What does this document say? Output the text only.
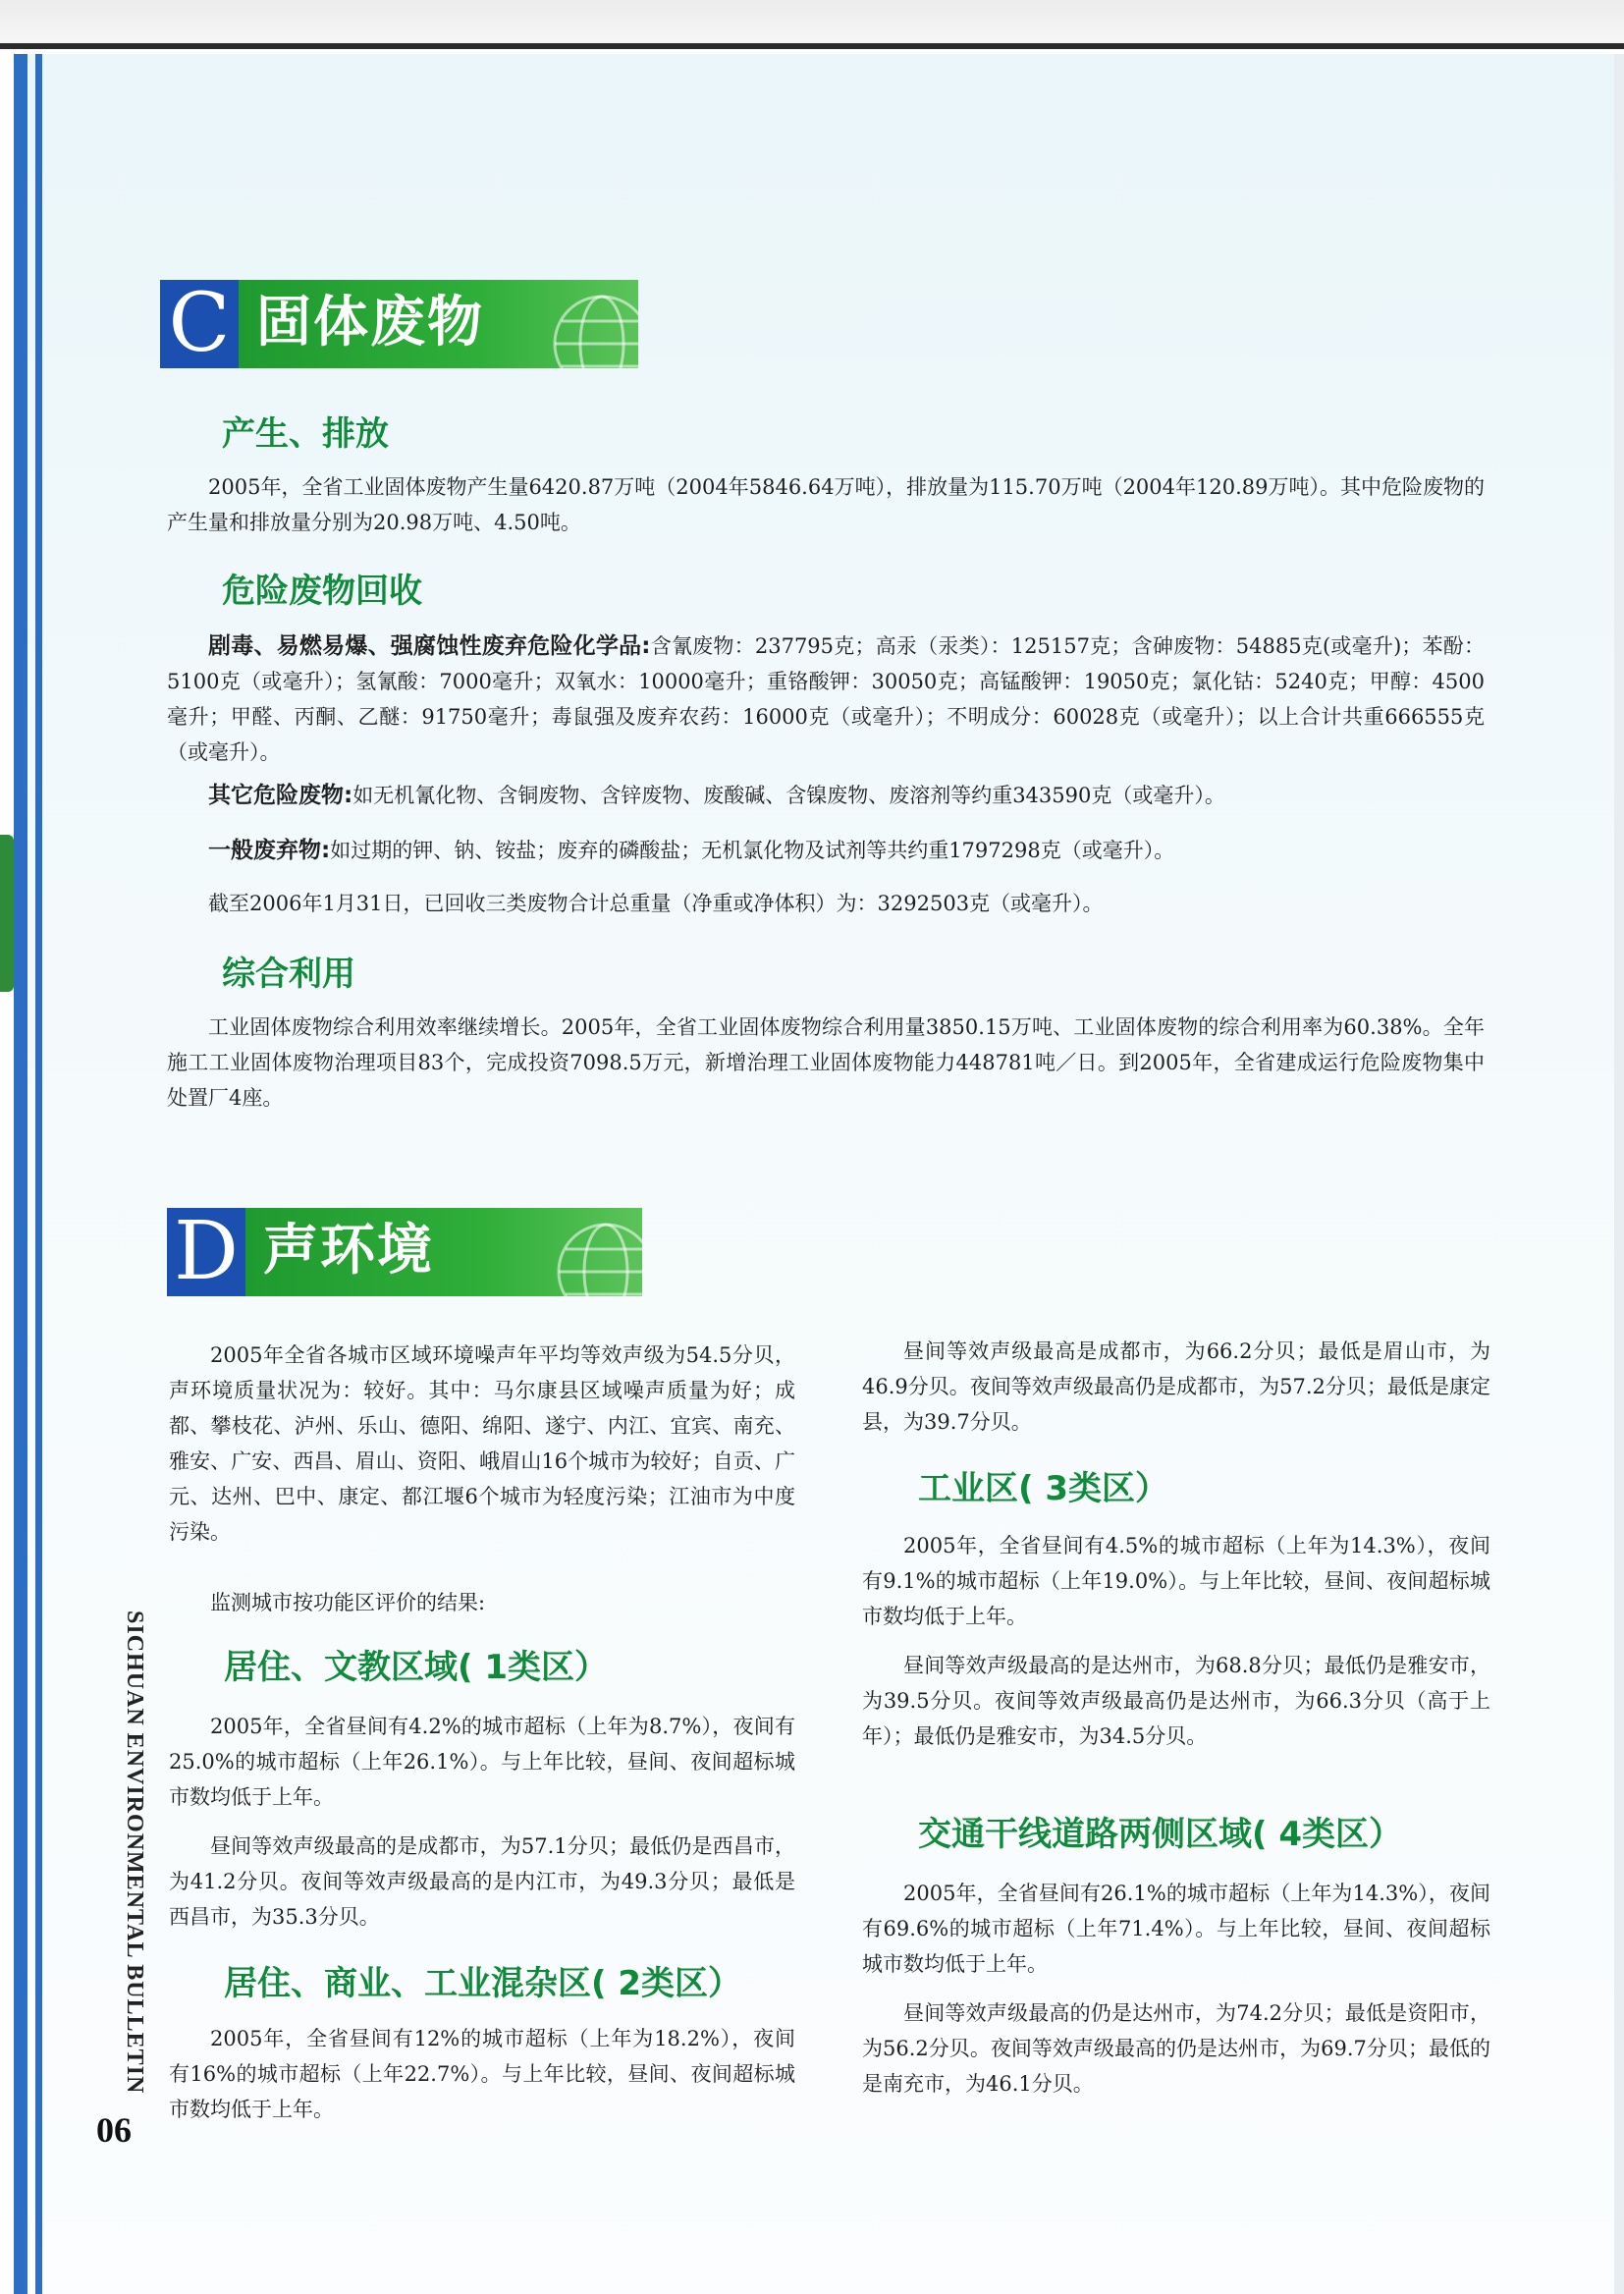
C 固体废物
产生、排放

2005年，全省工业固体废物产生量6420.87万吨（2004年5846.64万吨），排放量为115.70万吨（2004年120.89万吨）。其中危险废物的产生量和排放量分别为20.98万吨、4.50吨。

危险废物回收

剧毒、易燃易爆、强腐蚀性废弃危险化学品:含氰废物：237795克；高汞（汞类）：125157克；含砷废物：54885克(或毫升)；苯酚：5100克（或毫升）；氢氰酸：7000毫升；双氧水：10000毫升；重铬酸钾：30050克；高锰酸钾：19050克；氯化钴：5240克；甲醇：4500毫升；甲醛、丙酮、乙醚：91750毫升；毒鼠强及废弃农药：16000克（或毫升）；不明成分：60028克（或毫升）；以上合计共重666555克（或毫升）。

其它危险废物:如无机氰化物、含铜废物、含锌废物、废酸碱、含镍废物、废溶剂等约重343590克（或毫升）。

一般废弃物:如过期的钾、钠、铵盐；废弃的磷酸盐；无机氯化物及试剂等共约重1797298克（或毫升）。

截至2006年1月31日，已回收三类废物合计总重量（净重或净体积）为：3292503克（或毫升）。

综合利用

工业固体废物综合利用效率继续增长。2005年，全省工业固体废物综合利用量3850.15万吨、工业固体废物的综合利用率为60.38%。全年施工工业固体废物治理项目83个，完成投资7098.5万元，新增治理工业固体废物能力448781吨／日。到2005年，全省建成运行危险废物集中处置厂4座。

D 声环境

2005年全省各城市区域环境噪声年平均等效声级为54.5分贝，声环境质量状况为：较好。其中：马尔康县区域噪声质量为好；成都、攀枝花、泸州、乐山、德阳、绵阳、遂宁、内江、宜宾、南充、雅安、广安、西昌、眉山、资阳、峨眉山16个城市为较好；自贡、广元、达州、巴中、康定、都江堰6个城市为轻度污染；江油市为中度污染。

监测城市按功能区评价的结果:

居住、文教区域( 1类区）

2005年，全省昼间有4.2%的城市超标（上年为8.7%），夜间有25.0%的城市超标（上年26.1%）。与上年比较，昼间、夜间超标城市数均低于上年。

昼间等效声级最高的是成都市，为57.1分贝；最低仍是西昌市，为41.2分贝。夜间等效声级最高的是内江市，为49.3分贝；最低是西昌市，为35.3分贝。

居住、商业、工业混杂区( 2类区）

2005年，全省昼间有12%的城市超标（上年为18.2%），夜间有16%的城市超标（上年22.7%）。与上年比较，昼间、夜间超标城市数均低于上年。

昼间等效声级最高是成都市，为66.2分贝；最低是眉山市，为46.9分贝。夜间等效声级最高仍是成都市，为57.2分贝；最低是康定县，为39.7分贝。

工业区( 3类区）

2005年，全省昼间有4.5%的城市超标（上年为14.3%），夜间有9.1%的城市超标（上年19.0%）。与上年比较，昼间、夜间超标城市数均低于上年。

昼间等效声级最高的是达州市，为68.8分贝；最低仍是雅安市，为39.5分贝。夜间等效声级最高仍是达州市，为66.3分贝（高于上年）；最低仍是雅安市，为34.5分贝。

交通干线道路两侧区域( 4类区）

2005年，全省昼间有26.1%的城市超标（上年为14.3%），夜间有69.6%的城市超标（上年71.4%）。与上年比较，昼间、夜间超标城市数均低于上年。

昼间等效声级最高的仍是达州市，为74.2分贝；最低是资阳市，为56.2分贝。夜间等效声级最高的仍是达州市，为69.7分贝；最低的是南充市，为46.1分贝。

SICHUAN ENVIRONMENTAL BULLETIN
06
